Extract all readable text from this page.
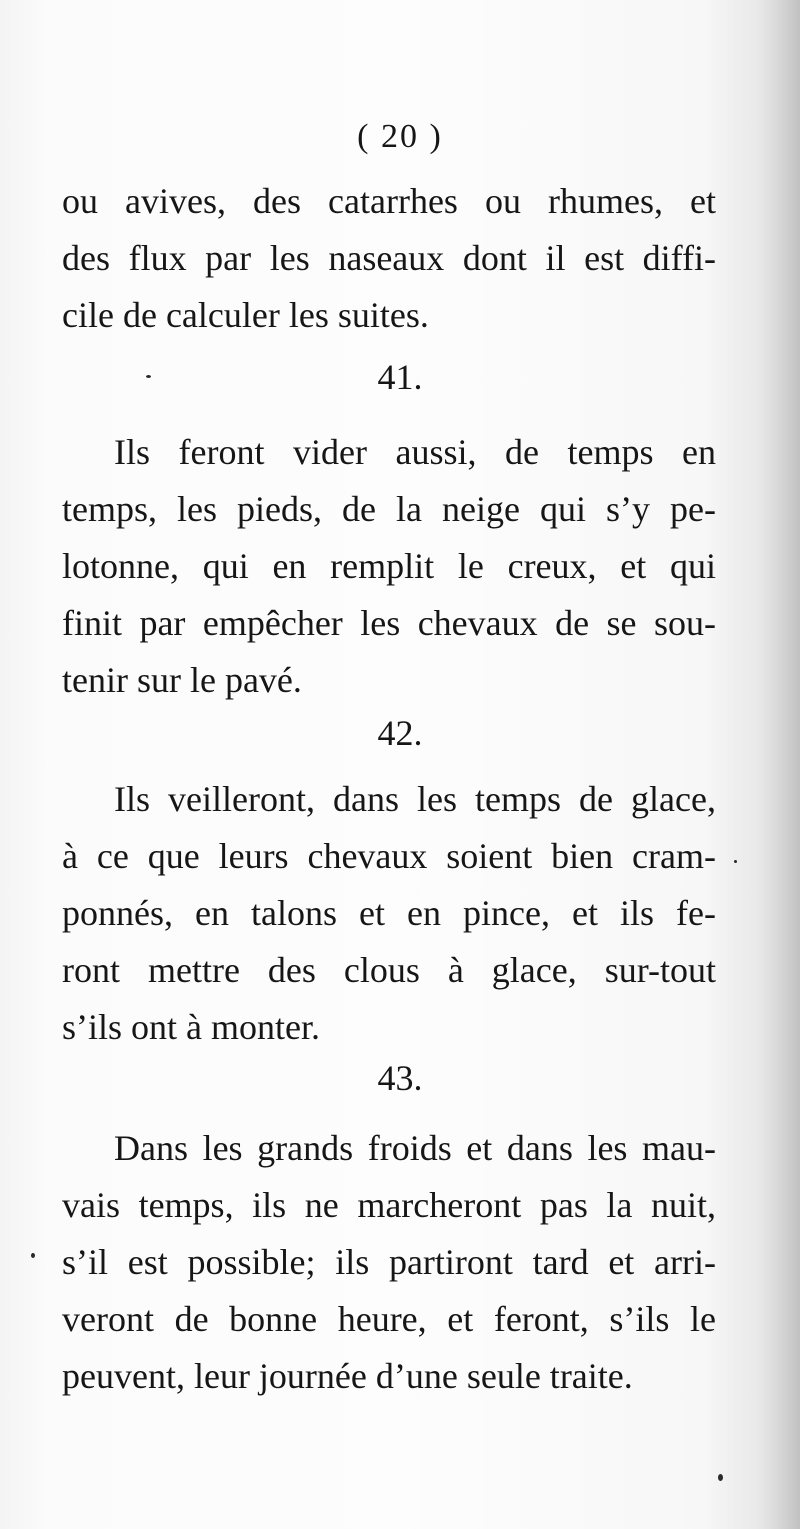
( 20 )
ou avives, des catarrhes ou rhumes, et
des flux par les naseaux dont il est diffi-
cile de calculer les suites.
41.
Ils feront vider aussi, de temps en
temps, les pieds, de la neige qui s’y pe-
lotonne, qui en remplit le creux, et qui
finit par empêcher les chevaux de se sou-
tenir sur le pavé.
42.
Ils veilleront, dans les temps de glace,
à ce que leurs chevaux soient bien cram-
ponnés, en talons et en pince, et ils fe-
ront mettre des clous à glace, sur-tout
s’ils ont à monter.
43.
Dans les grands froids et dans les mau-
vais temps, ils ne marcheront pas la nuit,
s’il est possible; ils partiront tard et arri-
veront de bonne heure, et feront, s’ils le
peuvent, leur journée d’une seule traite.
